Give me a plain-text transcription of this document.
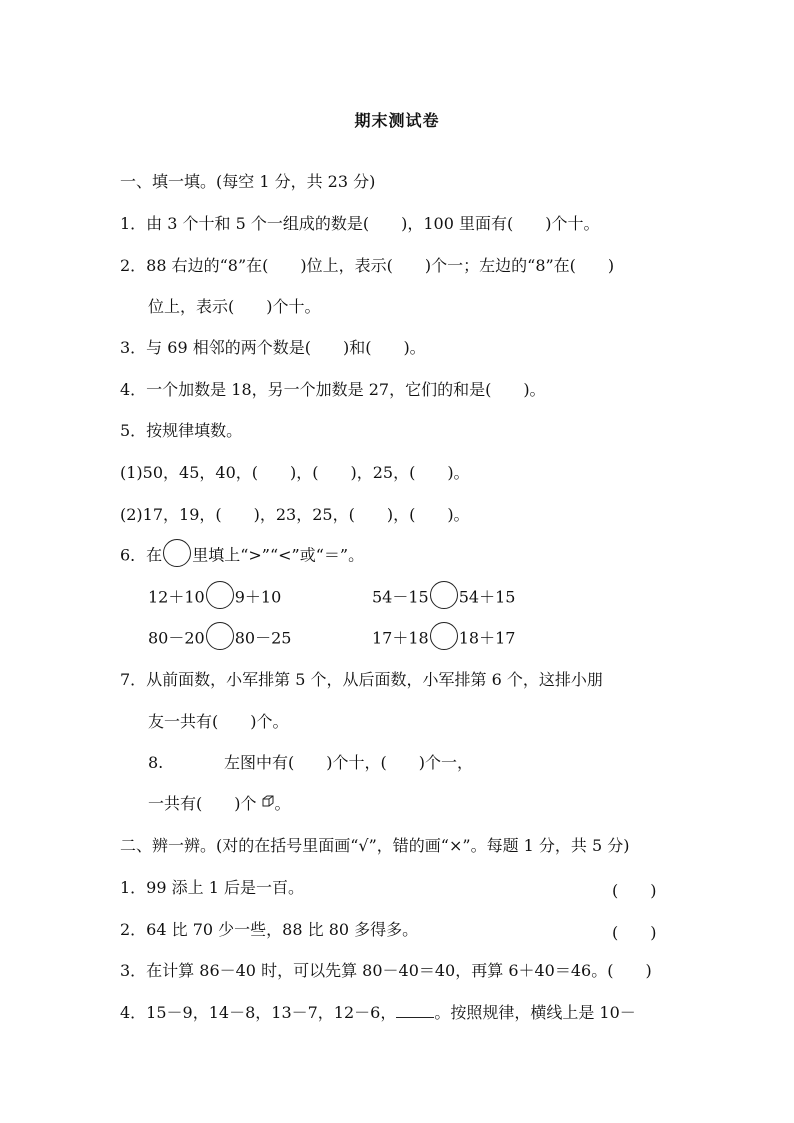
期末测试卷
一、填一填。(每空 1 分，共 23 分)
1．由 3 个十和 5 个一组成的数是(　　)，100 里面有(　　)个十。
2．88 右边的“8”在(　　)位上，表示(　　)个一；左边的“8”在(　　)
位上，表示(　　)个十。
3．与 69 相邻的两个数是(　　)和(　　)。
4．一个加数是 18，另一个加数是 27，它们的和是(　　)。
5．按规律填数。
(1)50，45，40，(　　)，(　　)，25，(　　)。
(2)17，19，(　　)，23，25，(　　)，(　　)。
6．在 里填上“>”“<”或“＝”。
12＋10 9＋10	54－15 54＋15
80－20 80－25	17＋18 18＋17
7．从前面数，小军排第 5 个，从后面数，小军排第 6 个，这排小朋
友一共有(　　)个。
8.	左图中有(　　)个十，(　　)个一，
一共有(　　)个 。
二、辨一辨。(对的在括号里面画“√”，错的画“×”。每题 1 分，共 5 分)
1．99 添上 1 后是一百。	(　　)
2．64 比 70 少一些，88 比 80 多得多。	(　　)
3．在计算 86－40 时，可以先算 80－40＝40，再算 6＋40＝46。(　　)
4．15－9，14－8，13－7，12－6， 。按照规律，横线上是 10－
